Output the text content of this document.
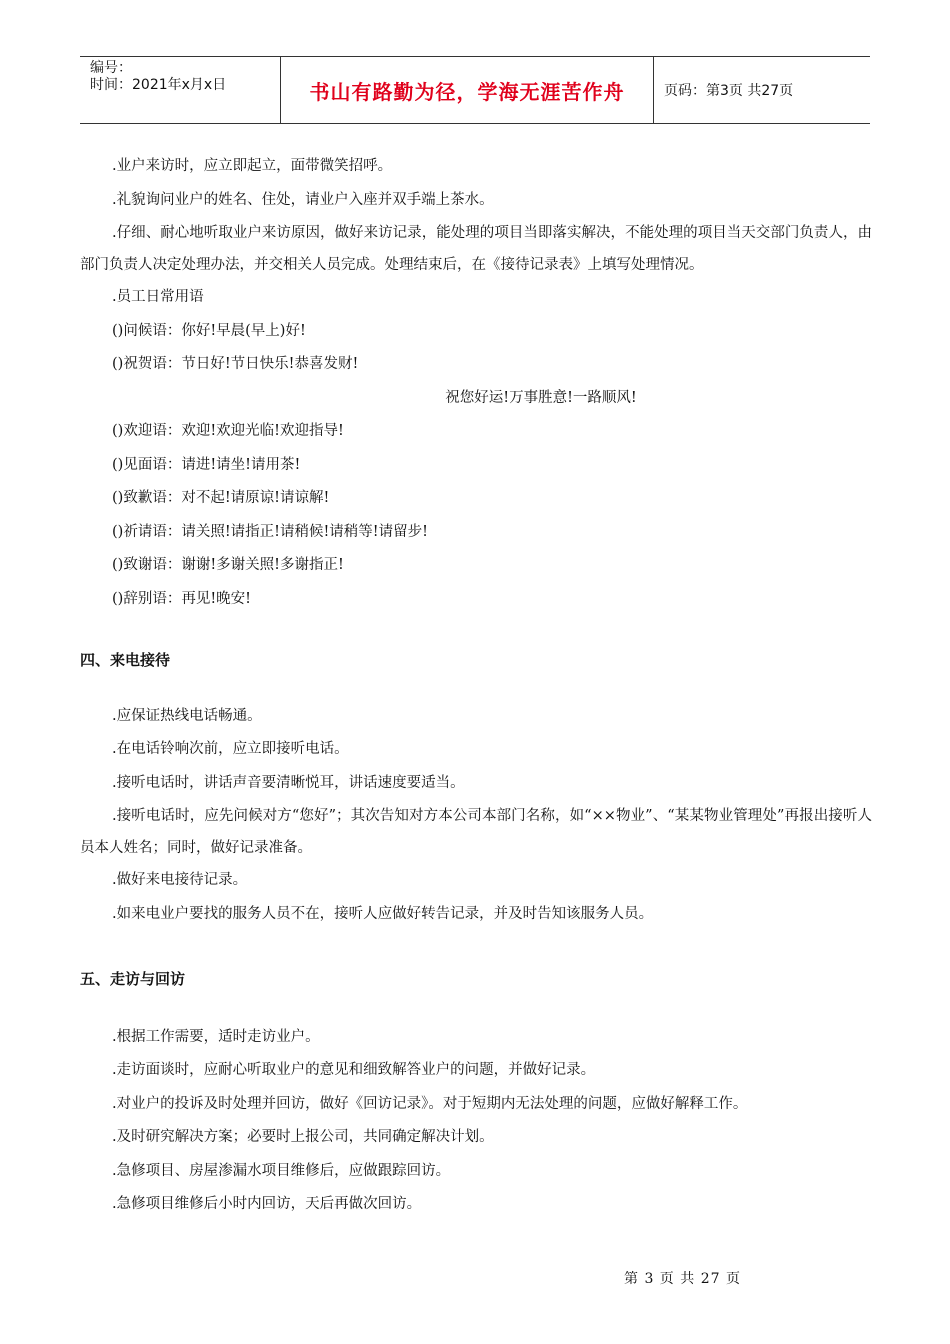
编号：
时间：2021年x月x日	书山有路勤为径，学海无涯苦作舟	页码：第3页 共27页

.业户来访时，应立即起立，面带微笑招呼。

.礼貌询问业户的姓名、住处，请业户入座并双手端上茶水。

.仔细、耐心地听取业户来访原因，做好来访记录，能处理的项目当即落实解决，不能处理的项目当天交部门负责人，由部门负责人决定处理办法，并交相关人员完成。处理结束后，在《接待记录表》上填写处理情况。

.员工日常用语

()问候语：你好!早晨(早上)好!

()祝贺语：节日好!节日快乐!恭喜发财!

祝您好运!万事胜意!一路顺风!

()欢迎语：欢迎!欢迎光临!欢迎指导!

()见面语：请进!请坐!请用茶!

()致歉语：对不起!请原谅!请谅解!

()祈请语：请关照!请指正!请稍候!请稍等!请留步!

()致谢语：谢谢!多谢关照!多谢指正!

()辞别语：再见!晚安!

四、来电接待

.应保证热线电话畅通。

.在电话铃响次前，应立即接听电话。

.接听电话时，讲话声音要清晰悦耳，讲话速度要适当。

.接听电话时，应先问候对方“您好”；其次告知对方本公司本部门名称，如“××物业”、“某某物业管理处”再报出接听人员本人姓名；同时，做好记录准备。

.做好来电接待记录。

.如来电业户要找的服务人员不在，接听人应做好转告记录，并及时告知该服务人员。

五、走访与回访

.根据工作需要，适时走访业户。

.走访面谈时，应耐心听取业户的意见和细致解答业户的问题，并做好记录。

.对业户的投诉及时处理并回访，做好《回访记录》。对于短期内无法处理的问题，应做好解释工作。

.及时研究解决方案；必要时上报公司，共同确定解决计划。

.急修项目、房屋渗漏水项目维修后，应做跟踪回访。

.急修项目维修后小时内回访，天后再做次回访。

第 3 页 共 27 页
